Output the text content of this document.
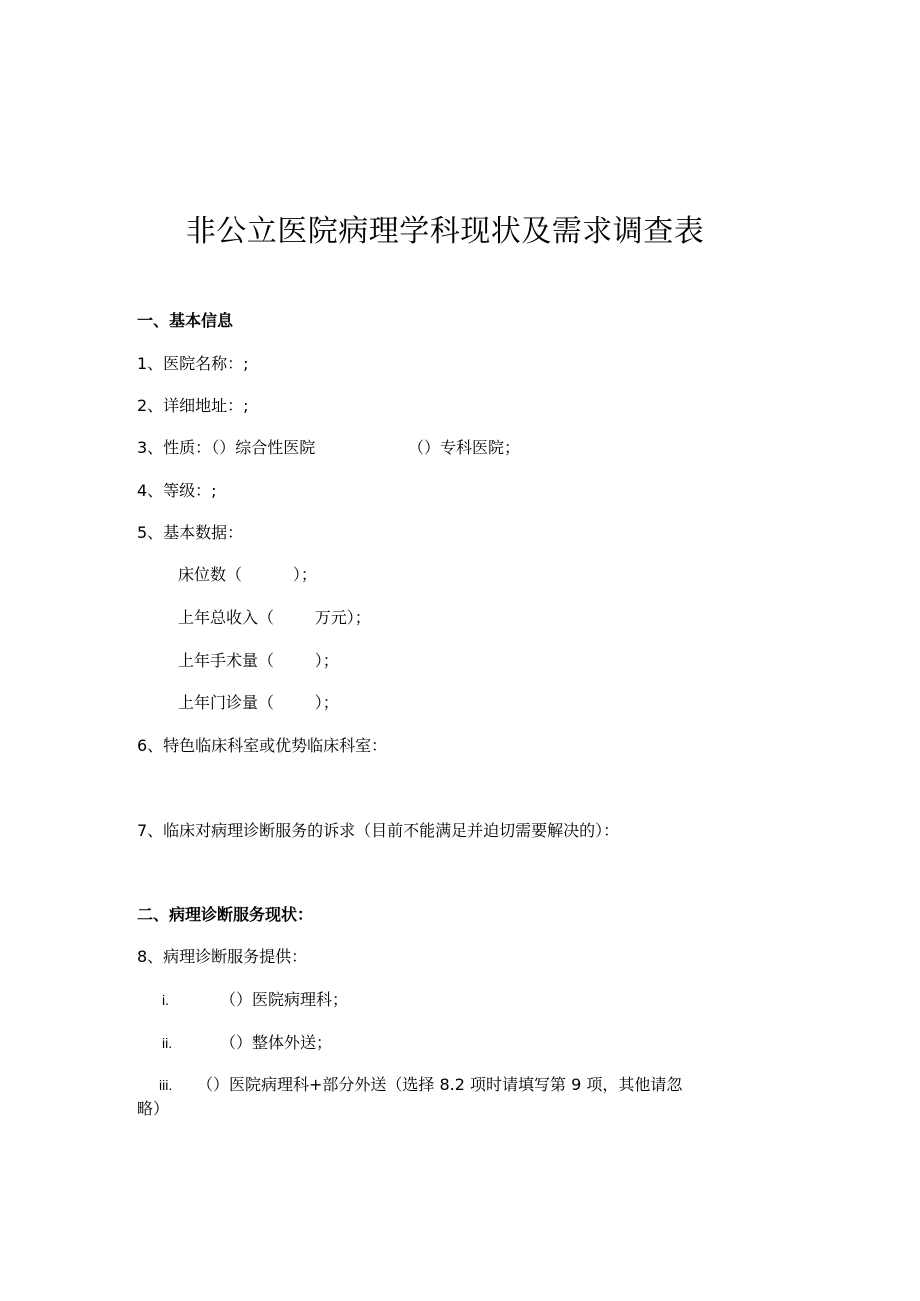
非公立医院病理学科现状及需求调查表
一、基本信息
1、医院名称：;
2、详细地址：;
3、性质：（）综合性医院	（）专科医院；
4、等级：;
5、基本数据：
床位数（          ）；
上年总收入（        万元）；
上年手术量（        ）；
上年门诊量（        ）；
6、特色临床科室或优势临床科室：
7、临床对病理诊断服务的诉求（目前不能满足并迫切需要解决的）：
二、病理诊断服务现状：
8、病理诊断服务提供：
i.	（）医院病理科；
ii.	（）整体外送；
iii. （）医院病理科+部分外送（选择 8.2 项时请填写第 9 项，其他请忽
略）
